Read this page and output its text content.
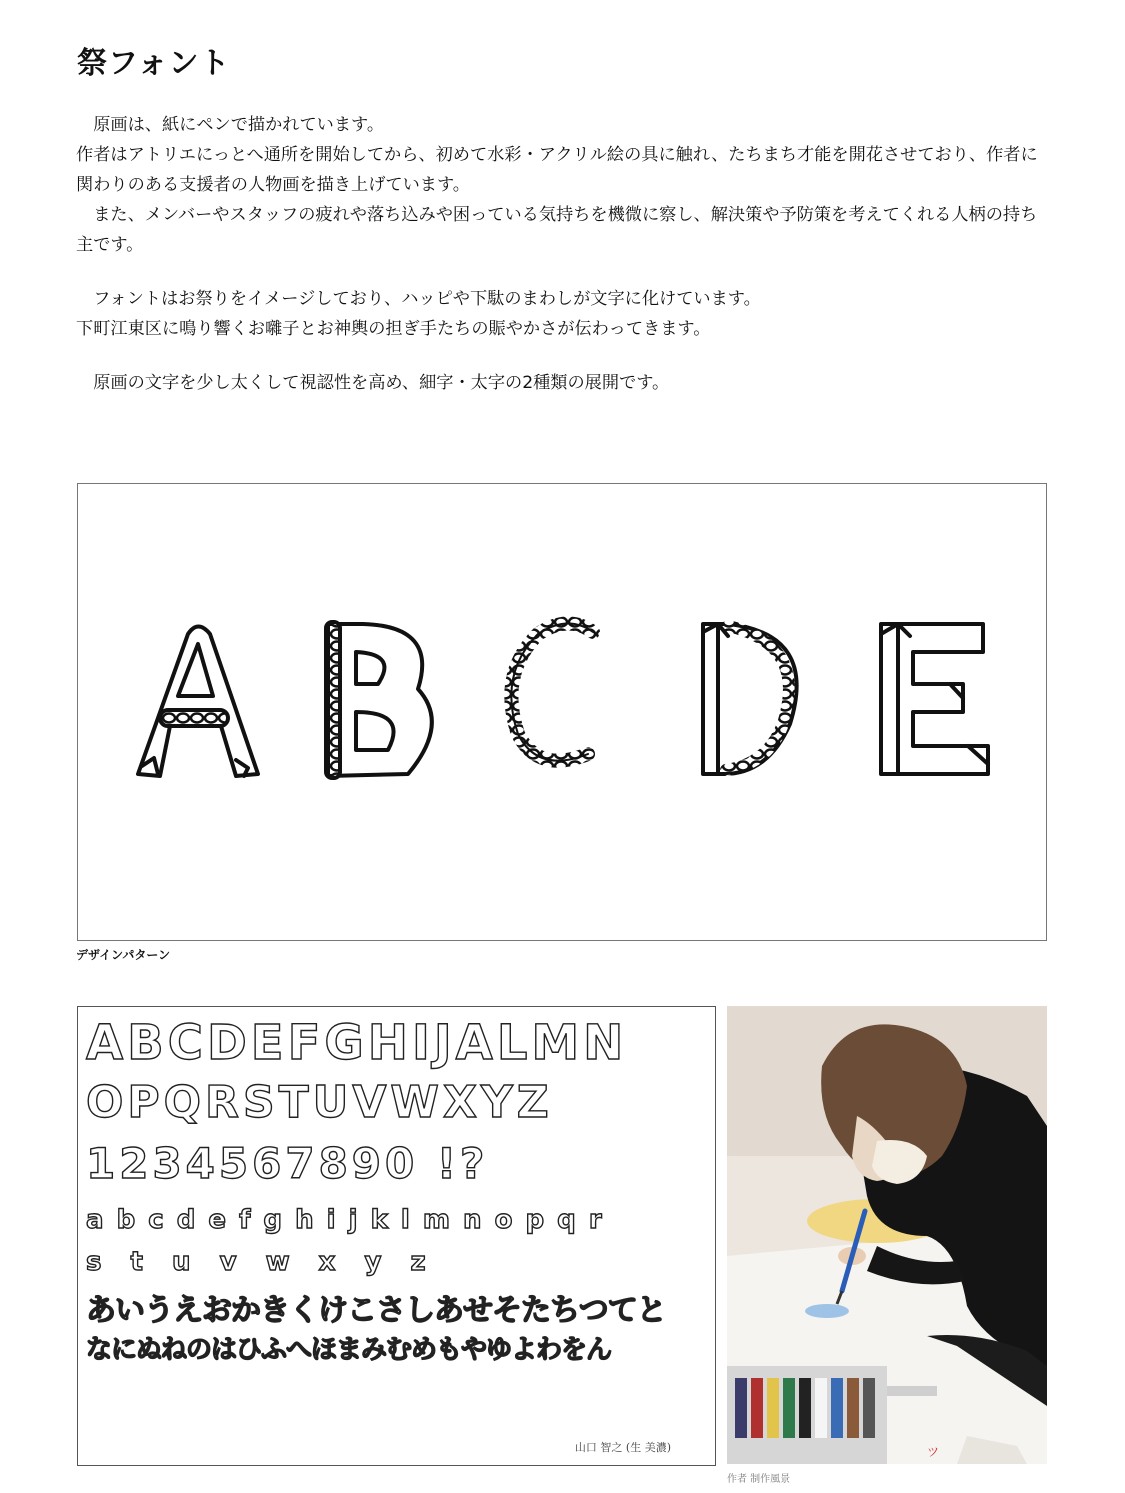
祭フォント

　原画は、紙にペンで描かれています。

作者はアトリエにっとへ通所を開始してから、初めて水彩・アクリル絵の具に触れ、たちまち才能を開花させており、作者に関わりのある支援者の人物画を描き上げています。

　また、メンバーやスタッフの疲れや落ち込みや困っている気持ちを機微に察し、解決策や予防策を考えてくれる人柄の持ち主です。

　フォントはお祭りをイメージしており、ハッピや下駄のまわしが文字に化けています。

下町江東区に鳴り響くお囃子とお神輿の担ぎ手たちの賑やかさが伝わってきます。

　原画の文字を少し太くして視認性を高め、細字・太字の2種類の展開です。

デザインパターン
ABCDEFGHIJALMN
OPQRSTUVWXYZ
1234567890 !?
a b c d e f g h i j k l m n o p q r
s t u v w x y z
あいうえおかきくけこさしあせそたちつてと
なにぬねのはひふへほまみむめもやゆよわをん
山口 智之 (生 美濃)	ツ
作者 制作風景
